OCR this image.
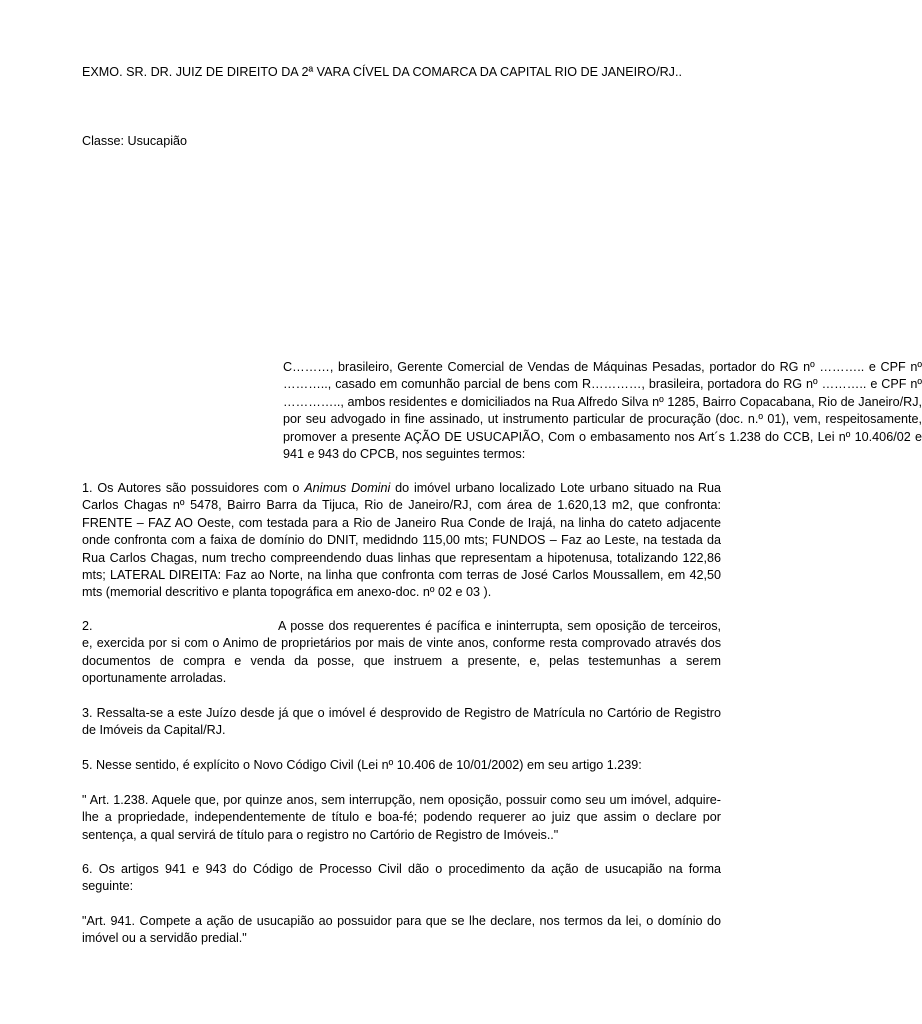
EXMO. SR. DR. JUIZ DE DIREITO DA 2ª VARA CÍVEL DA COMARCA DA CAPITAL RIO DE JANEIRO/RJ..

Classe: Usucapião

C………, brasileiro, Gerente Comercial de Vendas de Máquinas Pesadas, portador do RG nº ……….. e CPF nº ……….., casado em comunhão parcial de bens com R…………, brasileira, portadora do RG nº ……….. e CPF nº ………….., ambos residentes e domiciliados na Rua Alfredo Silva nº 1285, Bairro Copacabana, Rio de Janeiro/RJ, por seu advogado in fine assinado, ut instrumento particular de procuração (doc. n.º 01), vem, respeitosamente, promover a presente AÇÃO DE USUCAPIÃO, Com o embasamento nos Art´s 1.238 do CCB, Lei nº 10.406/02 e 941 e 943 do CPCB, nos seguintes termos:

1. Os Autores são possuidores com o Animus Domini do imóvel urbano localizado Lote urbano situado na Rua Carlos Chagas nº 5478, Bairro Barra da Tijuca, Rio de Janeiro/RJ, com área de 1.620,13 m2, que confronta: FRENTE – FAZ AO Oeste, com testada para a Rio de Janeiro Rua Conde de Irajá, na linha do cateto adjacente onde confronta com a faixa de domínio do DNIT, medidndo 115,00 mts; FUNDOS – Faz ao Leste, na testada da Rua Carlos Chagas, num trecho compreendendo duas linhas que representam a hipotenusa, totalizando 122,86 mts; LATERAL DIREITA: Faz ao Norte, na linha que confronta com terras de José Carlos Moussallem, em 42,50 mts (memorial descritivo e planta topográfica em anexo-doc. nº 02 e 03 ).

2.	A posse dos requerentes é pacífica e ininterrupta, sem oposição de terceiros, e, exercida por si com o Animo de proprietários por mais de vinte anos, conforme resta comprovado através dos documentos de compra e venda da posse, que instruem a presente, e, pelas testemunhas a serem oportunamente arroladas.

3. Ressalta-se a este Juízo desde já que o imóvel é desprovido de Registro de Matrícula no Cartório de Registro de Imóveis da Capital/RJ.

5. Nesse sentido, é explícito o Novo Código Civil (Lei nº 10.406 de 10/01/2002) em seu artigo 1.239:

" Art. 1.238. Aquele que, por quinze anos, sem interrupção, nem oposição, possuir como seu um imóvel, adquire-lhe a propriedade, independentemente de título e boa-fé; podendo requerer ao juiz que assim o declare por sentença, a qual servirá de título para o registro no Cartório de Registro de Imóveis.."

6. Os artigos 941 e 943 do Código de Processo Civil dão o procedimento da ação de usucapião na forma seguinte:

"Art. 941. Compete a ação de usucapião ao possuidor para que se lhe declare, nos termos da lei, o domínio do imóvel ou a servidão predial."
